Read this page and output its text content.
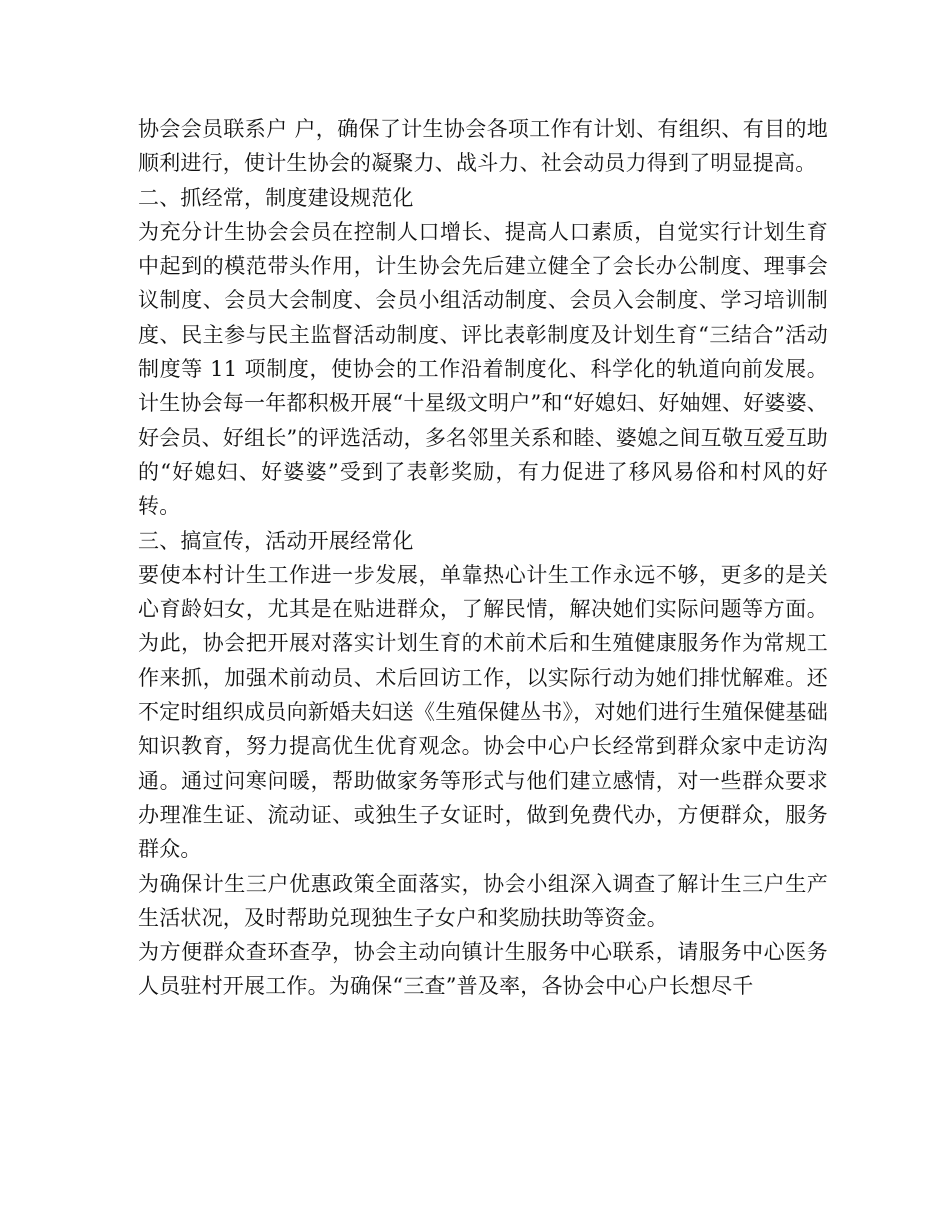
协会会员联系户 户，确保了计生协会各项工作有计划、有组织、有目的地顺利进行，使计生协会的凝聚力、战斗力、社会动员力得到了明显提高。

二、抓经常，制度建设规范化

为充分计生协会会员在控制人口增长、提高人口素质，自觉实行计划生育中起到的模范带头作用，计生协会先后建立健全了会长办公制度、理事会议制度、会员大会制度、会员小组活动制度、会员入会制度、学习培训制度、民主参与民主监督活动制度、评比表彰制度及计划生育“三结合”活动制度等 11 项制度，使协会的工作沿着制度化、科学化的轨道向前发展。计生协会每一年都积极开展“十星级文明户”和“好媳妇、好妯娌、好婆婆、好会员、好组长”的评选活动，多名邻里关系和睦、婆媳之间互敬互爱互助的“好媳妇、好婆婆”受到了表彰奖励，有力促进了移风易俗和村风的好转。

三、搞宣传，活动开展经常化

要使本村计生工作进一步发展，单靠热心计生工作永远不够，更多的是关心育龄妇女，尤其是在贴进群众，了解民情，解决她们实际问题等方面。为此，协会把开展对落实计划生育的术前术后和生殖健康服务作为常规工作来抓，加强术前动员、术后回访工作，以实际行动为她们排忧解难。还不定时组织成员向新婚夫妇送《生殖保健丛书》，对她们进行生殖保健基础知识教育，努力提高优生优育观念。协会中心户长经常到群众家中走访沟通。通过问寒问暖，帮助做家务等形式与他们建立感情，对一些群众要求办理准生证、流动证、或独生子女证时，做到免费代办，方便群众，服务群众。

为确保计生三户优惠政策全面落实，协会小组深入调查了解计生三户生产生活状况，及时帮助兑现独生子女户和奖励扶助等资金。

为方便群众查环查孕，协会主动向镇计生服务中心联系，请服务中心医务人员驻村开展工作。为确保“三查”普及率，各协会中心户长想尽千
